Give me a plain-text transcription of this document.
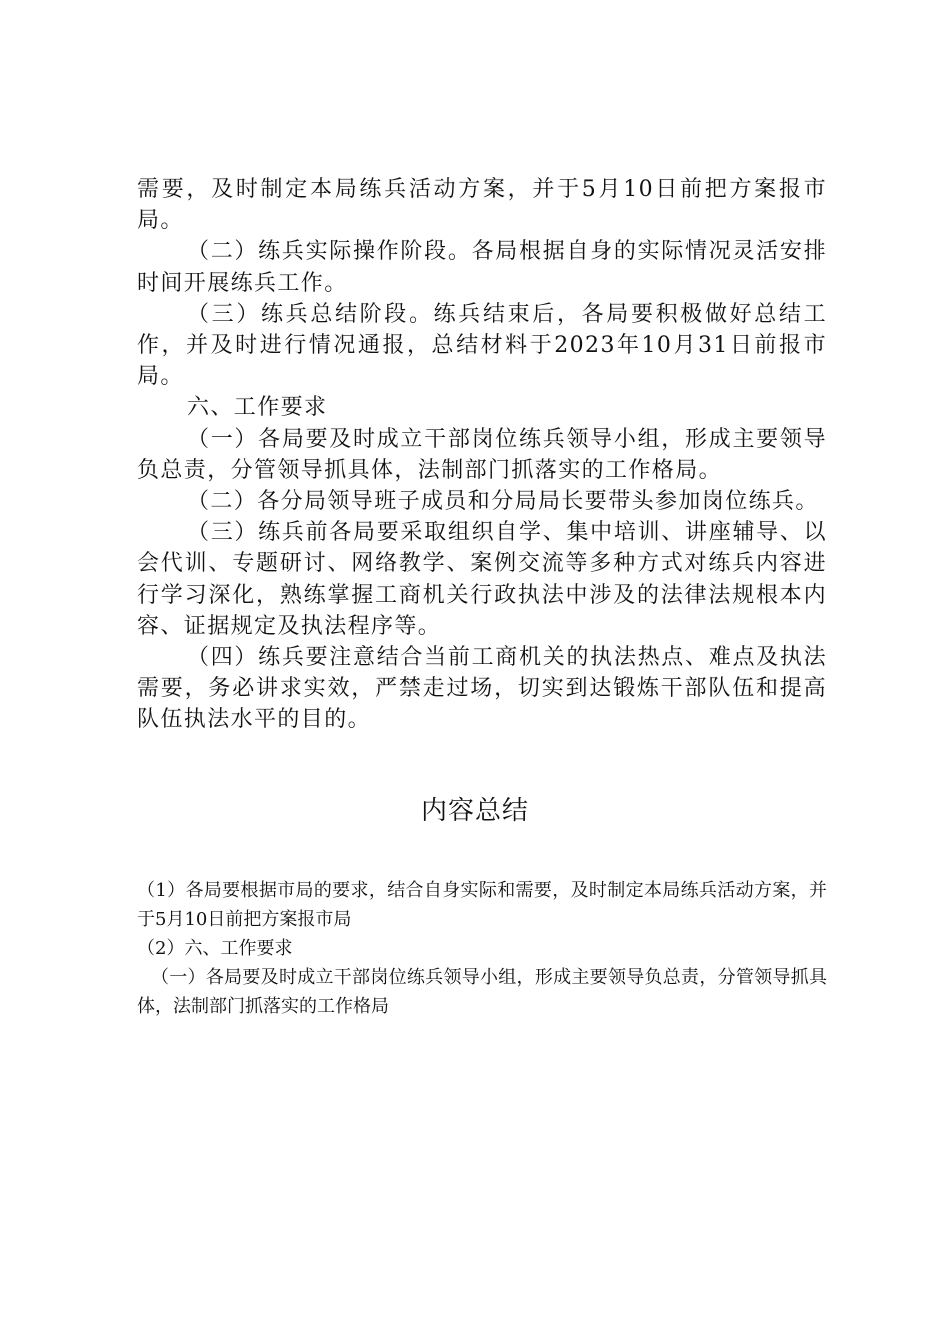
需要，及时制定本局练兵活动方案，并于5月10日前把方案报市局。

（二）练兵实际操作阶段。各局根据自身的实际情况灵活安排时间开展练兵工作。

（三）练兵总结阶段。练兵结束后，各局要积极做好总结工作，并及时进行情况通报，总结材料于2023年10月31日前报市局。

六、工作要求

（一）各局要及时成立干部岗位练兵领导小组，形成主要领导负总责，分管领导抓具体，法制部门抓落实的工作格局。

（二）各分局领导班子成员和分局局长要带头参加岗位练兵。

（三）练兵前各局要采取组织自学、集中培训、讲座辅导、以会代训、专题研讨、网络教学、案例交流等多种方式对练兵内容进行学习深化，熟练掌握工商机关行政执法中涉及的法律法规根本内容、证据规定及执法程序等。

（四）练兵要注意结合当前工商机关的执法热点、难点及执法需要，务必讲求实效，严禁走过场，切实到达锻炼干部队伍和提高队伍执法水平的目的。

内容总结

（1）各局要根据市局的要求，结合自身实际和需要，及时制定本局练兵活动方案，并于5月10日前把方案报市局

（2）六、工作要求

（一）各局要及时成立干部岗位练兵领导小组，形成主要领导负总责，分管领导抓具体，法制部门抓落实的工作格局
